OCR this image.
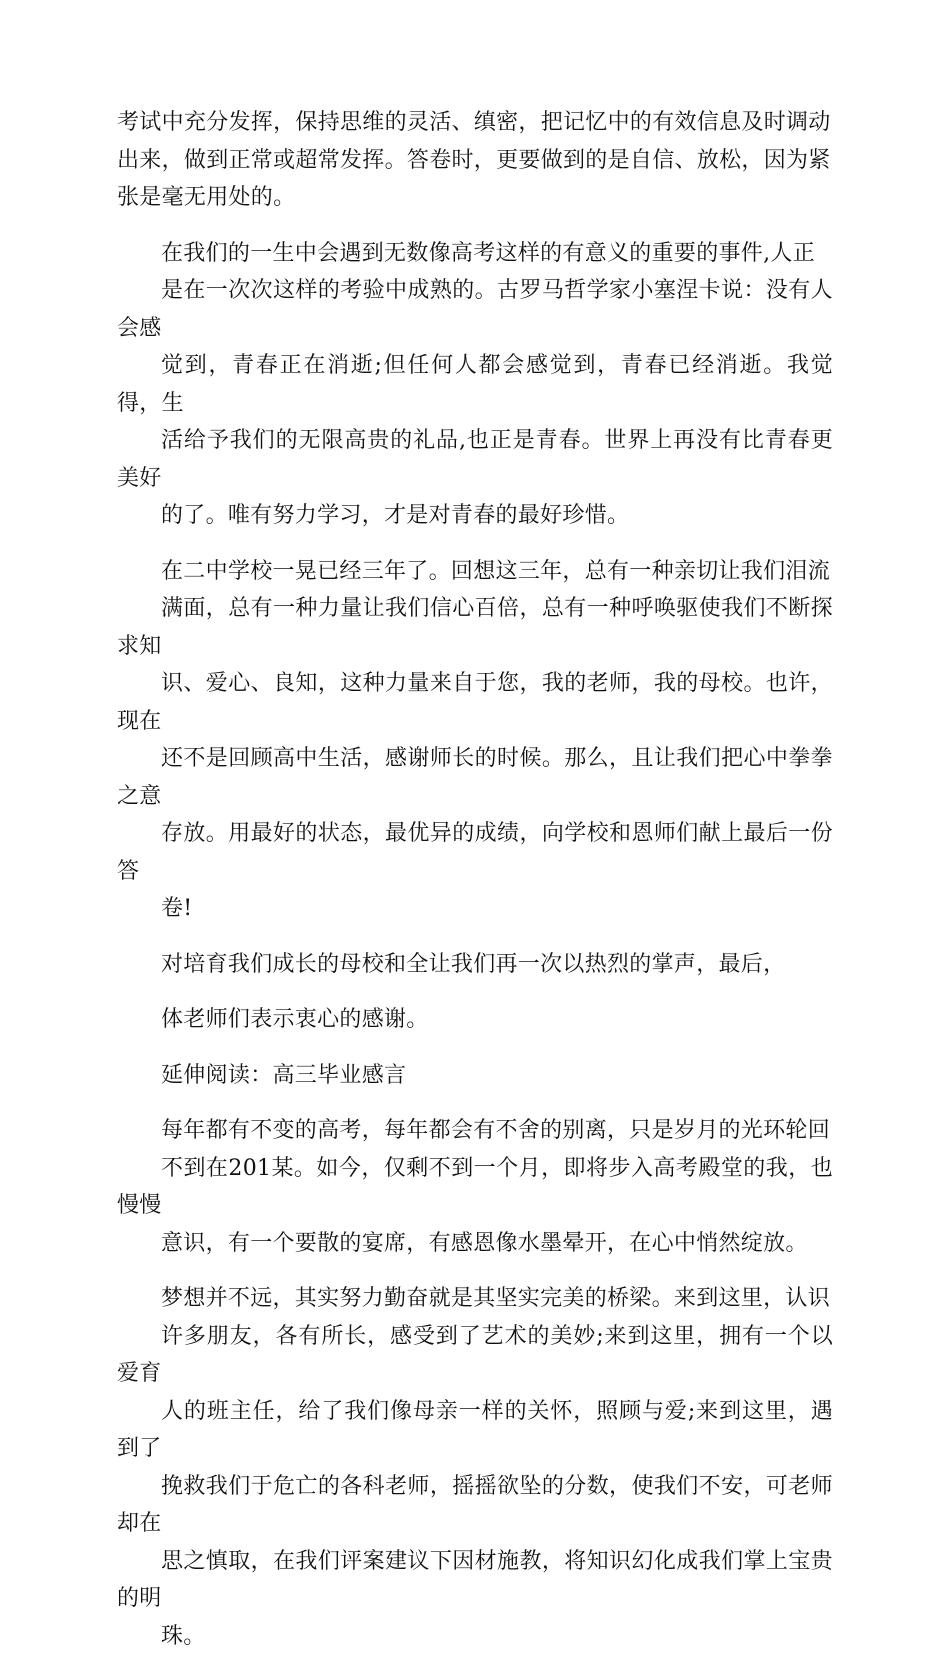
考试中充分发挥，保持思维的灵活、缜密，把记忆中的有效信息及时调动
出来，做到正常或超常发挥。答卷时，更要做到的是自信、放松，因为紧
张是毫无用处的。

在我们的一生中会遇到无数像高考这样的有意义的重要的事件,人正
是在一次次这样的考验中成熟的。古罗马哲学家小塞涅卡说：没有人会感
觉到，青春正在消逝;但任何人都会感觉到，青春已经消逝。我觉得，生
活给予我们的无限高贵的礼品,也正是青春。世界上再没有比青春更美好
的了。唯有努力学习，才是对青春的最好珍惜。

在二中学校一晃已经三年了。回想这三年，总有一种亲切让我们泪流
满面，总有一种力量让我们信心百倍，总有一种呼唤驱使我们不断探求知
识、爱心、良知，这种力量来自于您，我的老师，我的母校。也许，现在
还不是回顾高中生活，感谢师长的时候。那么，且让我们把心中拳拳之意
存放。用最好的状态，最优异的成绩，向学校和恩师们献上最后一份答
卷!

对培育我们成长的母校和全让我们再一次以热烈的掌声，最后，

体老师们表示衷心的感谢。

延伸阅读：高三毕业感言

每年都有不变的高考，每年都会有不舍的别离，只是岁月的光环轮回
不到在201某。如今，仅剩不到一个月，即将步入高考殿堂的我，也慢慢
意识，有一个要散的宴席，有感恩像水墨晕开，在心中悄然绽放。

梦想并不远，其实努力勤奋就是其坚实完美的桥梁。来到这里，认识
许多朋友，各有所长，感受到了艺术的美妙;来到这里，拥有一个以爱育
人的班主任，给了我们像母亲一样的关怀，照顾与爱;来到这里，遇到了
挽救我们于危亡的各科老师，摇摇欲坠的分数，使我们不安，可老师却在
思之慎取，在我们评案建议下因材施教，将知识幻化成我们掌上宝贵的明
珠。
